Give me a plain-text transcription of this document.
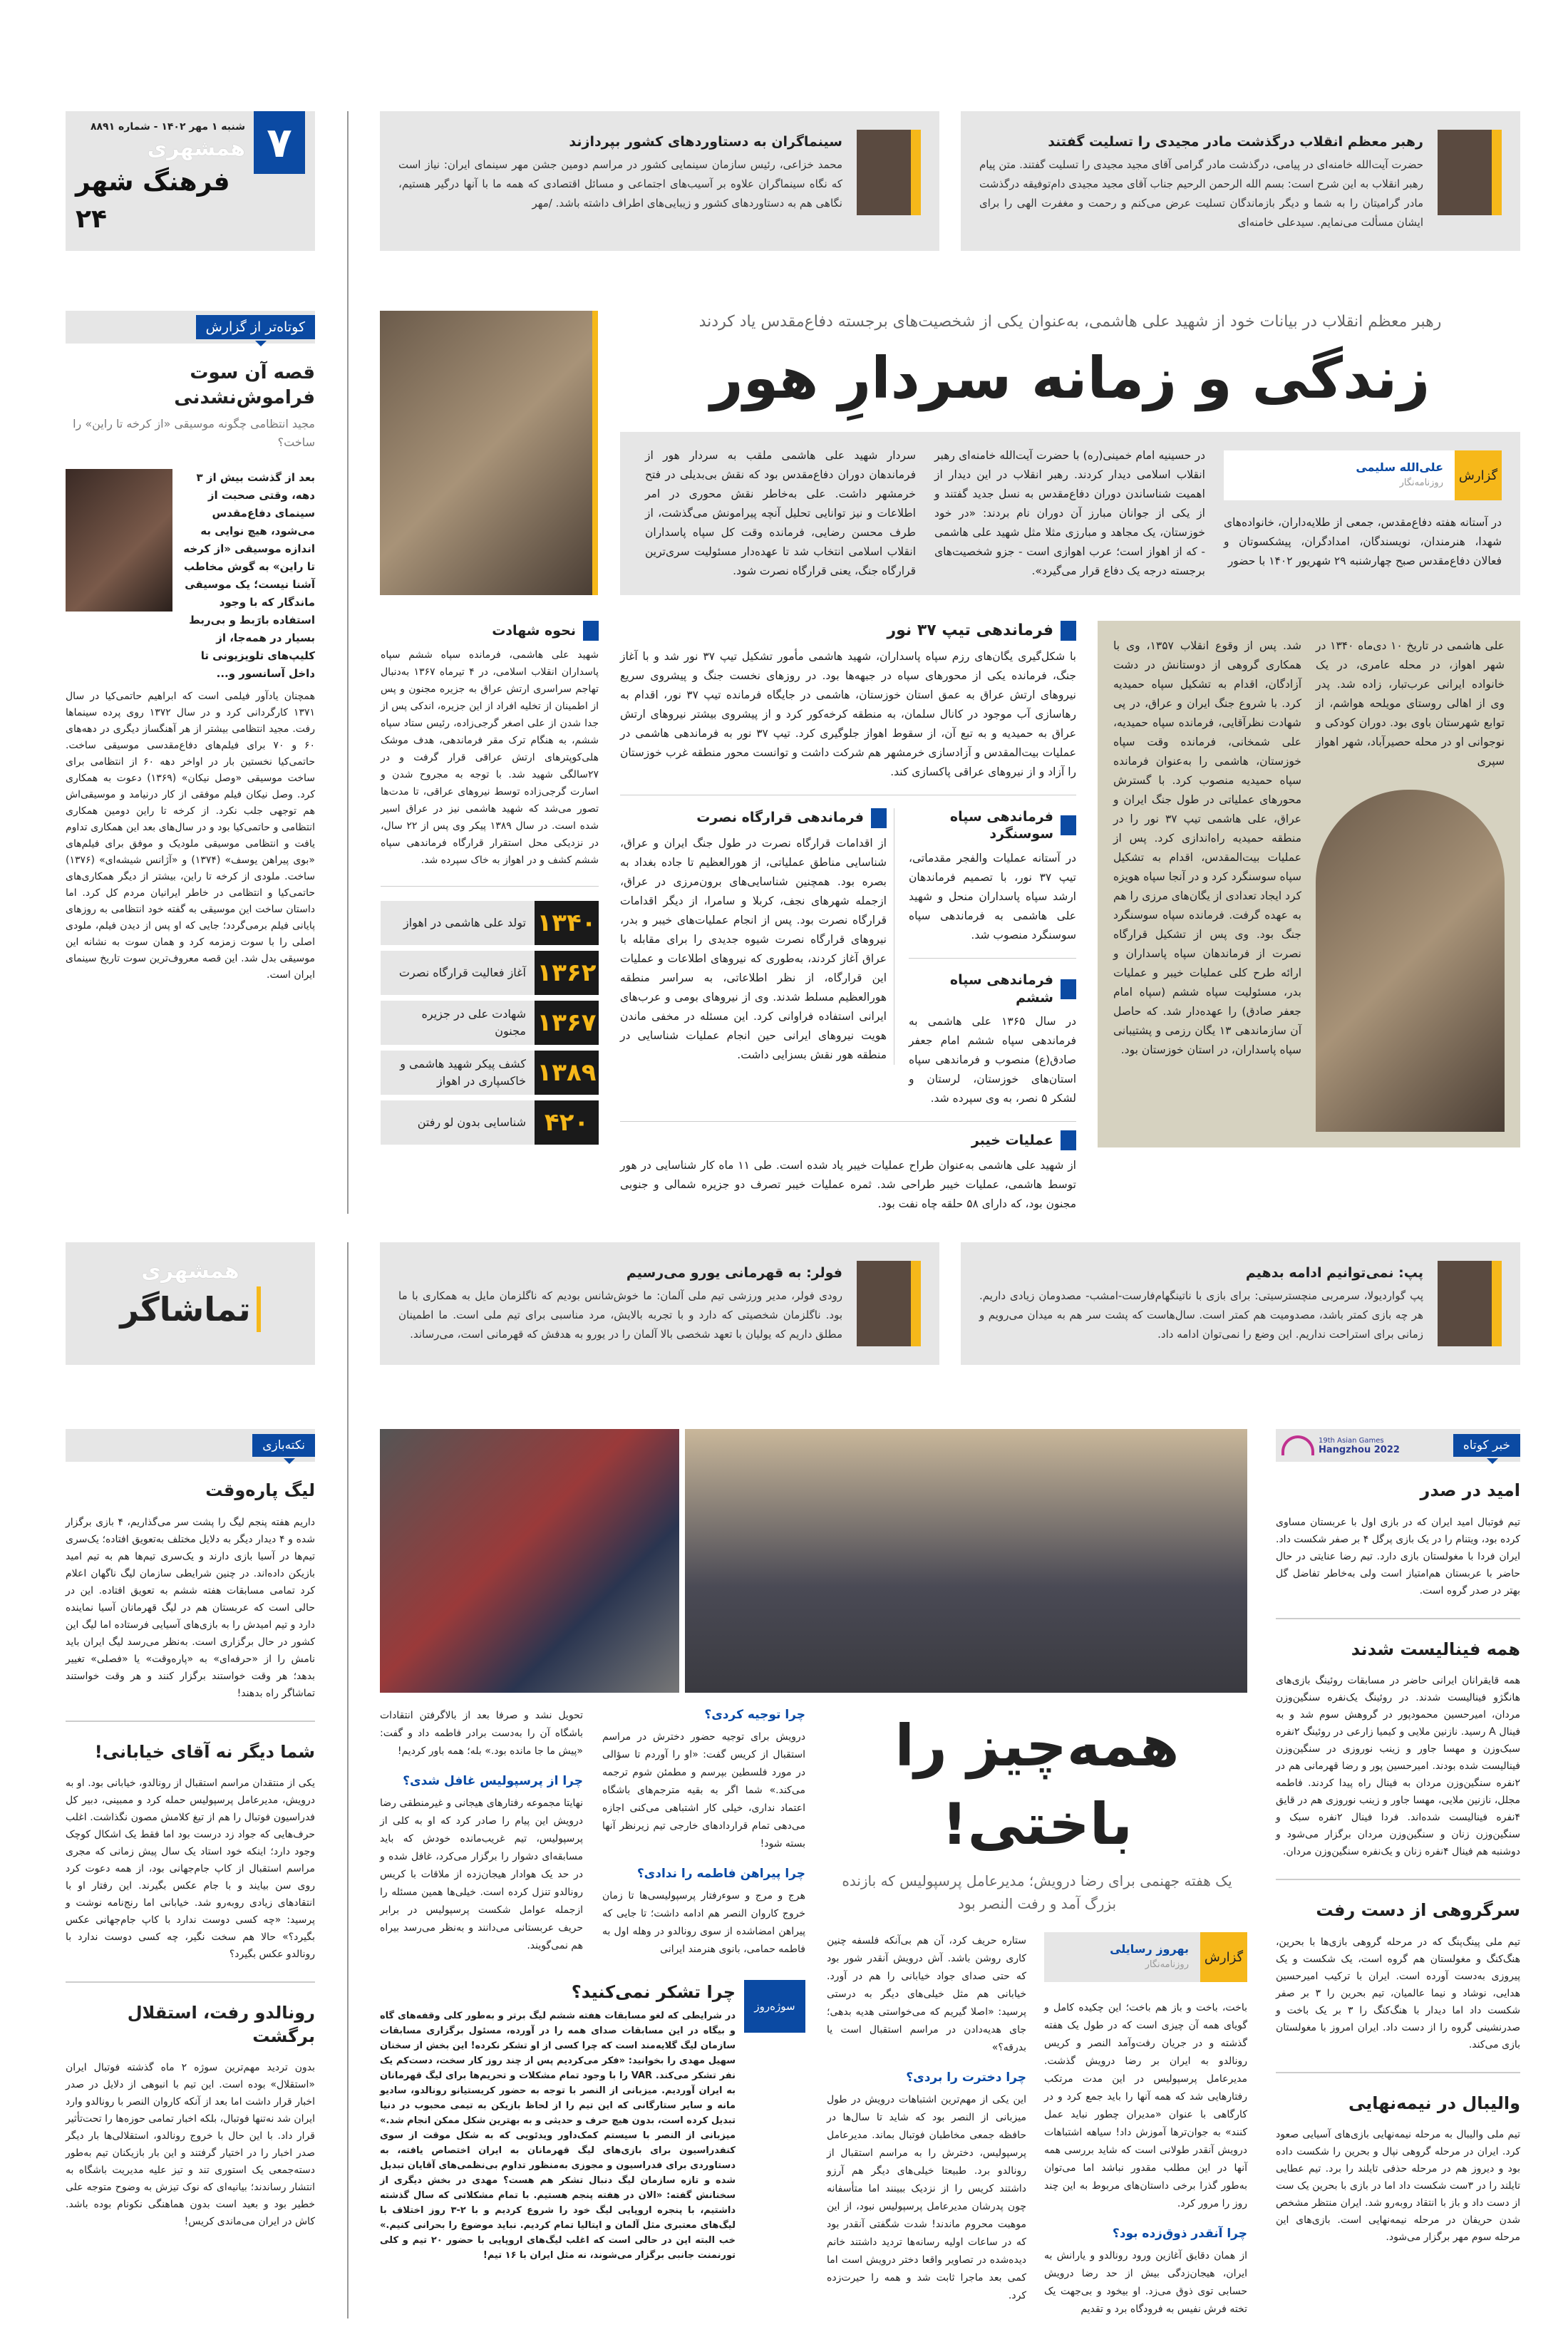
رهبر معظم انقلاب درگذشت مادر مجیدی را تسلیت گفتند

حضرت آیت‌الله خامنه‌ای در پیامی، درگذشت مادر گرامی آقای مجید مجیدی را تسلیت گفتند. متن پیام رهبر انقلاب به این شرح است: بسم الله الرحمن الرحیم جناب آقای مجید مجیدی دام‌توفیقه درگذشت مادر گرامیتان را به شما و دیگر بازماندگان تسلیت عرض می‌کنم و رحمت و مغفرت الهی را برای ایشان مسألت می‌نمایم. سیدعلی خامنه‌ای

سینماگران به دستاوردهای کشور بپردازند

محمد خزاعی، رئیس سازمان سینمایی کشور در مراسم دومین جشن مهر سینمای ایران: نیاز است که نگاه سینماگران علاوه بر آسیب‌های اجتماعی و مسائل اقتصادی که همه ما با آنها درگیر هستیم، نگاهی هم به دستاوردهای کشور و زیبایی‌های اطراف داشته باشد. /مهر

۷
شنبه ۱ مهر ۱۴۰۲ - شماره ۸۸۹۱
همشهری
فرهنگ شهر ۲۴
رهبر معظم انقلاب در بیانات خود از شهید علی هاشمی، به‌عنوان یکی از شخصیت‌های برجسته دفاع‌مقدس یاد کردند
زندگی و زمانه سردارِ هور
گزارش
علی‌الله سلیمی
روزنامه‌نگار

در آستانه هفته دفاع‌مقدس، جمعی از طلایه‌داران، خانواده‌های شهدا، هنرمندان، نویسندگان، امدادگران، پیشکسوتان و فعالان دفاع‌مقدس صبح چهارشنبه ۲۹ شهریور ۱۴۰۲ با حضور

در حسینیه امام خمینی(ره) با حضرت آیت‌الله خامنه‌ای رهبر انقلاب اسلامی دیدار کردند. رهبر انقلاب در این دیدار از اهمیت شناساندن دوران دفاع‌مقدس به نسل جدید گفتند و از یکی از جوانان مبارز آن دوران نام بردند: «در خود خوزستان، یک مجاهد و مبارزی مثلا مثل شهید علی هاشمی - که از اهواز است؛ عرب اهوازی است - جزو شخصیت‌های برجسته درجه یک دفاع قرار می‌گیرد».

سردار شهید علی هاشمی ملقب به سردار هور از فرماندهان دوران دفاع‌مقدس بود که نقش بی‌بدیلی در فتح خرمشهر داشت. علی به‌خاطر نقش محوری در امر اطلاعات و نیز توانایی تحلیل آنچه پیرامونش می‌گذشت، از طرف محسن رضایی، فرمانده وقت کل سپاه پاسداران انقلاب اسلامی انتخاب شد تا عهده‌دار مسئولیت سری‌ترین قرارگاه جنگ، یعنی قرارگاه نصرت شود.

علی هاشمی در تاریخ ۱۰ دی‌ماه ۱۳۴۰ در شهر اهواز، در محله عامری، در یک خانواده ایرانی عرب‌تبار، زاده شد. پدر وی از اهالی روستای مویلحه هواشم، از توابع شهرستان باوی بود. دوران کودکی و نوجوانی او در محله حصیرآباد، شهر اهواز سپری

شد. پس از وقوع انقلاب ۱۳۵۷، وی با همکاری گروهی از دوستانش در دشت آزادگان، اقدام به تشکیل سپاه حمیدیه کرد. با شروع جنگ ایران و عراق، در پی شهادت نظرآقایی، فرمانده سپاه حمیدیه، علی شمخانی، فرمانده وقت سپاه خوزستان، هاشمی را به‌عنوان فرمانده سپاه حمیدیه منصوب کرد. با گسترش محورهای عملیاتی در طول جنگ ایران و عراق، علی هاشمی تیپ ۳۷ نور را در منطقه حمیدیه راه‌اندازی کرد. پس از عملیات بیت‌المقدس، اقدام به تشکیل سپاه سوسنگرد کرد و در آنجا سپاه هویزه کرد ایجاد تعدادی از یگان‌های مرزی را هم به عهده گرفت. فرمانده سپاه سوسنگرد جنگ بود. وی پس از تشکیل قرارگاه نصرت از فرماندهان سپاه پاسداران و ارائه طرح کلی عملیات خیبر و عملیات بدر، مسئولیت سپاه ششم (سپاه امام جعفر صادق) را عهده‌دار شد. که حاصل آن سازماندهی ۱۳ یگان رزمی و پشتیبانی سپاه پاسداران، در استان خوزستان بود.

فرماندهی تیپ ۳۷ نور

با شکل‌گیری یگان‌های رزم سپاه پاسداران، شهید هاشمی مأمور تشکیل تیپ ۳۷ نور شد و با آغاز جنگ، فرمانده یکی از محورهای سپاه در جبهه‌ها بود. در روزهای نخست جنگ و پیشروی سریع نیروهای ارتش عراق به عمق استان خوزستان، هاشمی در جایگاه فرمانده تیپ ۳۷ نور، اقدام به رهاسازی آب موجود در کانال سلمان، به منطقه کرخه‌کور کرد و از پیشروی بیشتر نیروهای ارتش عراق به حمیدیه و به تبع آن، از سقوط اهواز جلوگیری کرد. تیپ ۳۷ نور به فرماندهی هاشمی در عملیات بیت‌المقدس و آزادسازی خرمشهر هم شرکت داشت و توانست محور منطقه غرب خوزستان را آزاد و از نیروهای عراقی پاکسازی کند.

فرماندهی سپاه سوسنگرد

در آستانه عملیات والفجر مقدماتی، تیپ ۳۷ نور، با تصمیم فرماندهان ارشد سپاه پاسداران منحل و شهید علی هاشمی به فرماندهی سپاه سوسنگرد منصوب شد.

فرماندهی سپاه ششم

در سال ۱۳۶۵ علی هاشمی به فرماندهی سپاه ششم امام جعفر صادق(ع) منصوب و فرماندهی سپاه استان‌های خوزستان، لرستان و لشکر ۵ نصر، به وی سپرده شد.

فرماندهی قرارگاه نصرت

از اقدامات قرارگاه نصرت در طول جنگ ایران و عراق، شناسایی مناطق عملیاتی، از هورالعظیم تا جاده بغداد به بصره بود. همچنین شناسایی‌های برون‌مرزی در عراق، ازجمله شهرهای نجف، کربلا و سامرا، از دیگر اقدامات قرارگاه نصرت بود. پس از انجام عملیات‌های خیبر و بدر، نیروهای قرارگاه نصرت شیوه جدیدی را برای مقابله با عراق آغاز کردند، به‌طوری که نیروهای اطلاعات و عملیات این قرارگاه، از نظر اطلاعاتی، به سراسر منطقه هورالعظیم مسلط شدند. وی از نیروهای بومی و عرب‌های ایرانی استفاده فراوانی کرد. این مسئله در مخفی ماندن هویت نیروهای ایرانی حین انجام عملیات شناسایی در منطقه هور نقش بسزایی داشت.

عملیات خیبر

از شهید علی هاشمی به‌عنوان طراح عملیات خیبر یاد شده است. طی ۱۱ ماه کار شناسایی در هور توسط هاشمی، عملیات خیبر طراحی شد. ثمره عملیات خیبر تصرف دو جزیره شمالی و جنوبی مجنون بود، که دارای ۵۸ حلقه چاه نفت بود.

نحوه شهادت

شهید علی هاشمی، فرمانده سپاه ششم سپاه پاسداران انقلاب اسلامی، در ۴ تیرماه ۱۳۶۷ به‌دنبال تهاجم سراسری ارتش عراق به جزیره مجنون و پس از اطمینان از تخلیه افراد از این جزیره، اندکی پس از جدا شدن از علی اصغر گرجی‌زاده، رئیس ستاد سپاه ششم، به هنگام ترک مقر فرماندهی، هدف موشک هلی‌کوپترهای ارتش عراقی قرار گرفت و در ۲۷سالگی شهید شد. با توجه به مجروح شدن و اسارت گرجی‌زاده توسط نیروهای عراقی، تا مدت‌ها تصور می‌شد که شهید هاشمی نیز در عراق اسیر شده است. در سال ۱۳۸۹ پیکر وی پس از ۲۲ سال، در نزدیکی محل استقرار قرارگاه فرماندهی سپاه ششم کشف و در اهواز به خاک سپرده شد.

۱۳۴۰
تولد علی هاشمی در اهواز
۱۳۶۲
آغاز فعالیت قرارگاه نصرت
۱۳۶۷
شهادت علی در جزیره مجنون
۱۳۸۹
کشف پیکر شهید هاشمی و خاکسپاری در اهواز
۴۲۰
شناسایی بدون لو رفتن
کوتاه‌تر از گزارش
قصه آن سوت فراموش‌نشدنی
مجید انتظامی چگونه موسیقی «از کرخه تا راین» را ساخت؟

بعد از گذشت بیش از ۳ دهه، وقتی صحبت از سینمای دفاع‌مقدس می‌شود، هیچ نوایی به اندازه موسیقی «از کرخه تا راین» به گوش مخاطب آشنا نیست؛ یک موسیقی ماندگار که با وجود استفاده بارَبط و بی‌ربط بسیار در همه‌جا، از کلیپ‌های تلویزیونی تا داخل آسانسور و...

همچنان یادآور فیلمی است که ابراهیم حاتمی‌کیا در سال ۱۳۷۱ کارگردانی کرد و در سال ۱۳۷۲ روی پرده سینماها رفت. مجید انتظامی بیشتر از هر آهنگساز دیگری در دهه‌های ۶۰ و ۷۰ برای فیلم‌های دفاع‌مقدسی موسیقی ساخت. حاتمی‌کیا نخستین بار در اواخر دهه ۶۰ از انتظامی برای ساخت موسیقی «وصل نیکان» (۱۳۶۹) دعوت به همکاری کرد. وصل نیکان فیلم موفقی از کار درنیامد و موسیقی‌اش هم توجهی جلب نکرد. از کرخه تا راین دومین همکاری انتظامی و حاتمی‌کیا بود و در سال‌های بعد این همکاری تداوم یافت و انتظامی موسیقی ملودیک و موفق برای فیلم‌های «بوی پیراهن یوسف» (۱۳۷۴) و «آژانس شیشه‌ای» (۱۳۷۶) ساخت. ملودی از کرخه تا راین، بیشتر از دیگر همکاری‌های حاتمی‌کیا و انتظامی در خاطر ایرانیان مردم کل کرد. اما داستان ساخت این موسیقی به گفته خود انتظامی به روزهای پایانی فیلم برمی‌گردد؛ جایی که او پس از دیدن فیلم، ملودی اصلی را با سوت زمزمه کرد و همان سوت به نشانه این موسیقی بدل شد. این قصه معروف‌ترین سوت تاریخ سینمای ایران است.

پپ: نمی‌توانیم ادامه بدهیم

پپ گواردیولا، سرمربی منچسترسیتی: برای بازی با ناتینگهام‌فارست-امشب- مصدومان زیادی داریم. هر چه بازی کمتر باشد، مصدومیت هم کمتر است. سال‌هاست که پشت سر هم به میدان می‌رویم و زمانی برای استراحت نداریم. این وضع را نمی‌توان ادامه داد.

فولر: به قهرمانی یورو می‌رسیم

رودی فولر، مدیر ورزشی تیم ملی آلمان: ما خوش‌شانس بودیم که ناگلزمان مایل به همکاری با ما بود. ناگلزمان شخصیتی که دارد و با تجربه بالایش، مرد مناسبی برای تیم ملی است. ما اطمینان مطلق داریم که یولیان با تعهد شخصی بالا آلمان را در یورو به هدفش که قهرمانی است، می‌رساند.

همشهری
تماشاگر
خبر کوتاه
19th Asian Games
Hangzhou 2022
امید در صدر

تیم فوتبال امید ایران که در بازی اول با عربستان مساوی کرده بود، ویتنام را در یک بازی پرگل ۴ بر صفر شکست داد. ایران فردا با مغولستان بازی دارد. تیم رضا عنایتی در حال حاضر با عربستان هم‌امتیاز است ولی به‌خاطر تفاضل گل بهتر در صدر گروه است.

همه فینالیست شدند

همه قایقرانان ایرانی حاضر در مسابقات روئینگ بازی‌های هانگژو فینالیست شدند. در روئینگ یک‌نفره سنگین‌وزن مردان، امیرحسین محمودپور در گروهش سوم شد و به فینال A رسید. نازنین ملایی و کیمیا زارعی در روئینگ ۲نفره سبک‌وزن و مهسا جاور و زینب نوروزی در سنگین‌وزن فینالیست شده بودند. امیرحسین پور و رضا قهرمانی هم در ۲نفره سنگین‌وزن مردان به فینال راه پیدا کردند. فاطمه مجلل، نازنین ملایی، مهسا جاور و زینب نوروزی هم در قایق ۴نفره فینالیست شده‌اند. فردا فینال ۲نفره سبک و سنگین‌وزن زنان و سنگین‌وزن مردان برگزار می‌شود و دوشنبه هم فینال ۴نفره زنان و یک‌نفره سنگین‌وزن مردان.

سرگروهی از دست رفت

تیم ملی پینگ‌پنگ که در مرحله گروهی بازی‌ها با بحرین، هنگ‌کنگ و مغولستان هم گروه است، یک شکست و یک پیروزی به‌دست آورده است. ایران با ترکیب امیرحسین هدایی، نوشاد و نیما عالمیان، تیم بحرین را ۳ بر صفر شکست داد اما دیدار با هنگ‌کنگ را ۳ بر یک باخت و صدرنشینی گروه را از دست داد. ایران امروز با مغولستان بازی می‌کند.

والیبال در نیمه‌نهایی

تیم ملی والیبال به مرحله نیمه‌نهایی بازی‌های آسیایی صعود کرد. ایران در مرحله گروهی نپال و بحرین را شکست داده بود و دیروز هم در مرحله حذفی تایلند را برد. تیم عطایی تایلند را در ۳ست شکست داد اما در بازی با بحرین یک ست از دست داد و باز با انتقاد روبه‌رو شد. ایران منتظر مشخص شدن حریفان در مرحله نیمه‌نهایی است. بازی‌های این مرحله سوم مهر برگزار می‌شود.

همه‌چیز را باختی!
یک هفته جهنمی برای رضا درویش؛ مدیرعامل پرسپولیس که بازنده بزرگ آمد و رفت النصر بود
گزارش
بهروز رسایلی
روزنامه‌نگار

باخت، باخت و باز هم باخت؛ این چکیده کامل و گویای همه آن چیزی است که در طول یک هفته گذشته و در جریان رفت‌وآمد النصر و کریس رونالدو به ایران بر رضا درویش گذشت. مدیرعامل پرسپولیس در این مدت مرتکب رفتارهایی شد که همه آنها را باید جمع کرد و در کارگاهی با عنوان «مدیران چطور نباید عمل کنند» به جوان‌ترها آموزش داد! سیاهه اشتباهات درویش آنقدر طولانی است که شاید بررسی همه آنها در این مطلب مقدور نباشد اما می‌توان به‌طور گذرا برخی داستان‌های مربوط به این چند روز را مرور کرد.

چرا آنقدر ذوق‌زده بود؟

از همان دقایق آغازین ورود رونالدو و یارانش به ایران، هیجان‌زدگی بیش از حد رضا درویش حسابی توی ذوق می‌زد. او بیخود و بی‌جهت یک تخته فرش نفیس به فرودگاه برد و تقدیم

ستاره حریف کرد، آن هم بی‌آنکه فلسفه چنین کاری روشن باشد. آش درویش آنقدر شور بود که حتی صدای جواد خیابانی را هم در آورد. خیابانی هم مثل خیلی‌های دیگر به درستی پرسید: «اصلا گیریم که می‌خواستی هدیه بدهی؛ جای هدیه‌دادن در مراسم استقبال است یا بدرقه؟»

چرا دخترت را بردی؟

این یکی از مهم‌ترین اشتباهات درویش در طول میزبانی از النصر بود که شاید تا سال‌ها در حافظه جمعی مخاطبان فوتبال بماند. مدیرعامل پرسپولیس، دخترش را به مراسم استقبال از رونالدو برد. طبیعتا خیلی‌های دیگر هم آرزو داشتند کریس را از نزدیک ببینند اما متأسفانه چون پدرشان مدیرعامل پرسپولیس نبود، از این موهبت محروم ماندند! شدت شگفتی آنقدر بود که در ساعات اولیه رسانه‌ها تردید داشتند خانم دیده‌شده در تصاویر واقعا دختر درویش است اما کمی بعد ماجرا ثابت شد و همه را حیرت‌زده کرد.

چرا توجیه کردی؟

درویش برای توجیه حضور دخترش در مراسم استقبال از کریس گفت: «او را آوردم تا سؤالی در مورد فلسطین بپرسم و مطمئن شوم ترجمه می‌کند.» شما اگر به بقیه مترجم‌های باشگاه اعتماد نداری، خیلی کار اشتباهی می‌کنی اجازه می‌دهی تمام قراردادهای خارجی تیم زیرنظر آنها بسته شود!

چرا پیراهن فاطمه را ندادی؟

هرج و مرج و سوءرفتار پرسپولیسی‌ها تا زمان خروج کاروان النصر هم ادامه داشت؛ تا جایی که پیراهن امضاشده از سوی رونالدو در وهله اول به فاطمه حمامی، بانوی هنرمند ایرانی

تحویل نشد و صرفا بعد از بالاگرفتن انتقادات باشگاه آن را به‌دست برادر فاطمه داد و گفت: «پیش ما جا مانده بود.» بله؛ همه باور کردیم!

چرا از پرسپولیس غافل شدی؟

نهایتا مجموعه رفتارهای هیجانی و غیرمنطقی رضا درویش این پیام را صادر کرد که او به کلی از پرسپولیس، تیم غریب‌مانده خودش که باید مسابقه‌ای دشوار را برگزار می‌کرد، غافل شده و در حد یک هوادار هیجان‌زده از ملاقات با کریس رونالدو تنزل کرده است. خیلی‌ها همین مسئله را ازجمله عوامل شکست پرسپولیس در برابر حریف عربستانی می‌دانند و به‌نظر می‌رسد بیراه هم نمی‌گویند.

سوژه‌روز
چرا تشکر نمی‌کنید؟

در شرایطی که لغو مسابقات هفته ششم لیگ برتر و به‌طور کلی وقفه‌های گاه و بیگاه در این مسابقات صدای همه را در آورده، مسئول برگزاری مسابقات سازمان لیگ گلایه‌مند است که چرا کسی از او تشکر نکرده! این بخش از سخنان سهیل مهدی را بخوانید: «فکر می‌کردیم پس از چند روز کار سخت، دست‌کم یک نفر تشکر می‌کند. VAR را با وجود تمام مشکلات و تحریم‌ها برای لیگ قهرمانان به ایران آوردیم. میزبانی از النصر با توجه به حضور کریستیانو رونالدو، سادیو مانه و سایر ستارگانی که این تیم را از لحاظ بازیکن به تیمی محبوب در دنیا تبدیل کرده است، بدون هیچ حرف و حدیثی و به بهترین شکل ممکن انجام شد.» میزبانی از النصر با سیستم کمک‌داور ویدئویی که به شکل موقت از سوی کنفدراسیون برای بازی‌های لیگ قهرمانان به ایران اختصاص یافته، به دستاوردی برای فدراسیون و مجوزی به‌منظور تداوم بی‌نظمی‌های آقایان تبدیل شده و تازه سازمان لیگ دنبال تشکر هم هست؟ مهدی در بخش دیگری از سخنانش گفته: «الان در هفته پنجم هستیم. با تمام مشکلاتی که سال گذشته داشتیم، با پنجره اروپایی لیگ خود را شروع کردیم و با ۲-۳ روز اختلاف با لیگ‌های معتبری مثل آلمان و ایتالیا تمام کردیم. نباید موضوع را بحرانی کنیم.» خب البته این در حالی است که اغلب لیگ‌های اروپایی با حضور ۲۰ تیم و کلی تورنمنت جانبی برگزار می‌شوند، نه مثل ایران با ۱۶ تیم!

نکته‌بازی
لیگ پاره‌وقت

داریم هفته پنجم لیگ را پشت سر می‌گذاریم، ۴ بازی برگزار شده و ۴ دیدار دیگر به دلایل مختلف به‌تعویق افتاده؛ یک‌سری تیم‌ها در آسیا بازی دارند و یک‌سری تیم‌ها هم به تیم امید بازیکن داده‌اند. در چنین شرایطی سازمان لیگ ناگهان اعلام کرد تمامی مسابقات هفته ششم به تعویق افتاده. این در حالی است که عربستان هم در لیگ قهرمانان آسیا نماینده دارد و تیم امیدش را به بازی‌های آسیایی فرستاده اما لیگ این کشور در حال برگزاری است. به‌نظر می‌رسد لیگ ایران باید نامش را از «حرفه‌ای» به «پاره‌وقت» یا «فصلی» تغییر بدهد؛ هر وقت خواستند برگزار کنند و هر وقت خواستند تماشاگر راه بدهند!

شما دیگر نه آقای خیابانی!

یکی از منتقدان مراسم استقبال از رونالدو، خیابانی بود. او به درویش، مدیرعامل پرسپولیس حمله کرد و ممبینی، دبیر کل فدراسیون فوتبال را هم از تیغ کلامش مصون نگذاشت. اغلب حرف‌هایی که جواد زد درست بود اما فقط یک اشکال کوچک وجود دارد؛ اینکه خود استاد یک سال پیش زمانی که مجری مراسم استقبال از کاپ جام‌جهانی بود، از همه دعوت کرد روی سن بیایند و با جام عکس بگیرند. این رفتار او با انتقادهای زیادی روبه‌رو شد. خیابانی اما رنج‌نامه نوشت و پرسید: «چه کسی دوست ندارد با کاپ جام‌جهانی عکس بگیرد؟» حالا هم سخت نگیر، چه کسی دوست ندارد با رونالدو عکس بگیرد؟

رونالدو رفت، استقلال برگشت

بدون تردید مهم‌ترین سوژه ۲ ماه گذشته فوتبال ایران «استقلال» بوده است. این تیم با انبوهی از دلایل در صدر اخبار قرار داشت اما بعد از آنکه کاروان النصر با رونالدو وارد ایران شد نه‌تنها فوتبال، بلکه اخبار تمامی حوزه‌ها را تحت‌تأثیر قرار داد. با این حال با خروج رونالدو، استقلالی‌ها بار دیگر صدر اخبار را در اختیار گرفتند و این بار بازیکنان تیم به‌طور دسته‌جمعی یک استوری تند و تیز علیه مدیریت باشگاه به انتشار رساندند؛ بیانیه‌ای که نوک تیزش به وضوح متوجه علی خطیر بود و بعید است بدون هماهنگی نکونام بوده باشد. کاش در ایران می‌ماندی کریس!
